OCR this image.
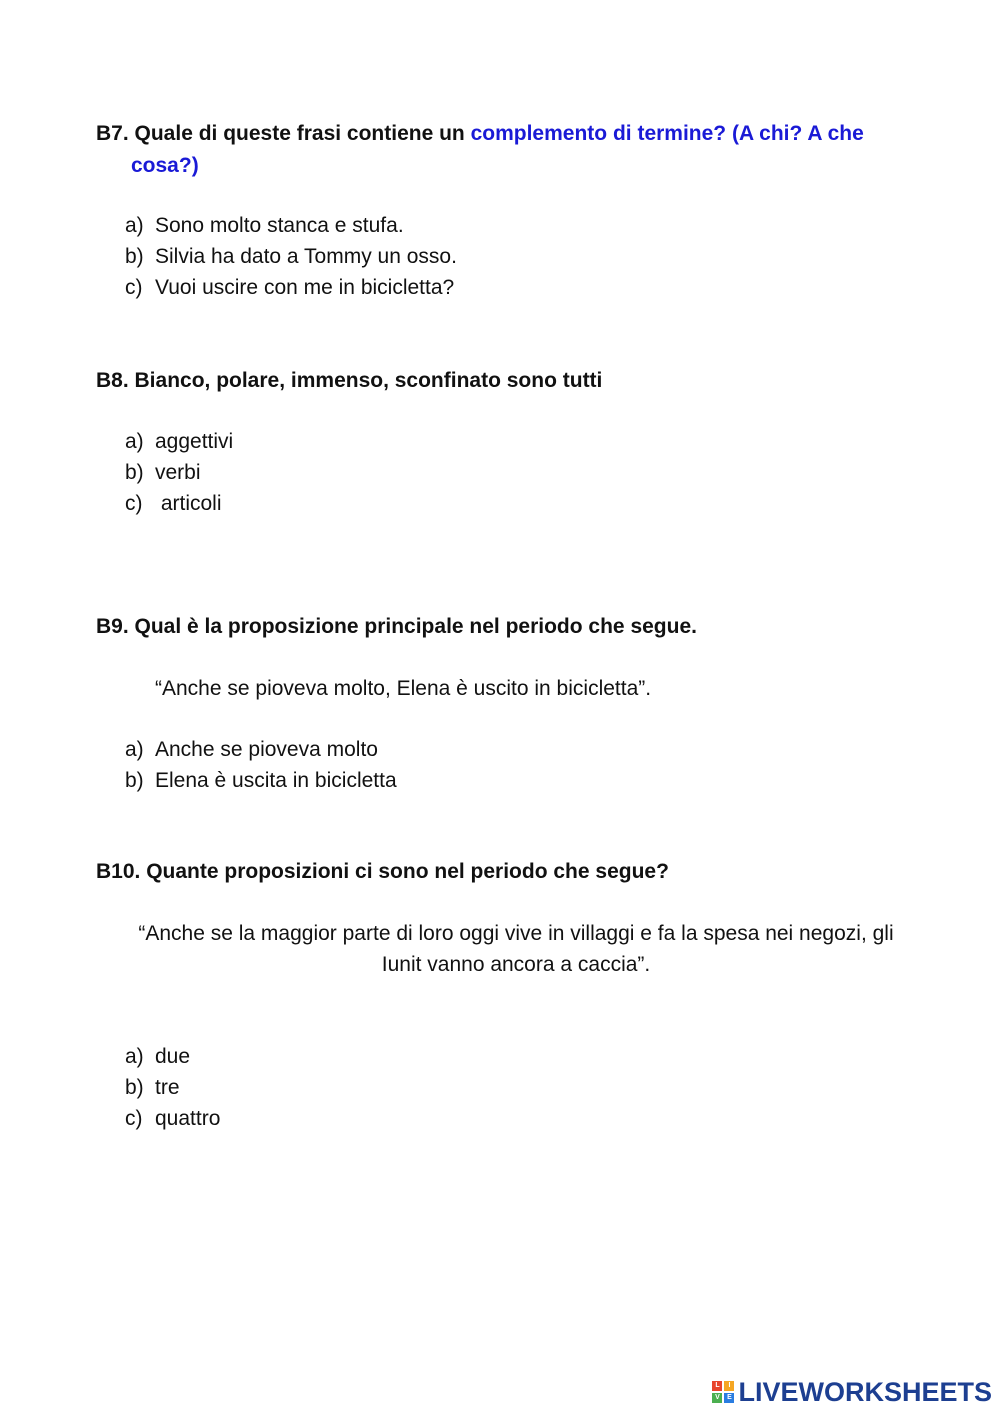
B7. Quale di queste frasi contiene un complemento di termine? (A chi? A che
cosa?)
a) Sono molto stanca e stufa.
b) Silvia ha dato a Tommy un osso.
c) Vuoi uscire con me in bicicletta?
B8. Bianco, polare, immenso, sconfinato sono tutti
a) aggettivi
b) verbi
c) articoli
B9. Qual è la proposizione principale nel periodo che segue.
“Anche se pioveva molto, Elena è uscito in bicicletta”.
a) Anche se pioveva molto
b) Elena è uscita in bicicletta
B10. Quante proposizioni ci sono nel periodo che segue?
“Anche se la maggior parte di loro oggi vive in villaggi e fa la spesa nei negozi, gli
Iunit vanno ancora a caccia”.
a) due
b) tre
c) quattro
L	I
V	E LIVEWORKSHEETS
